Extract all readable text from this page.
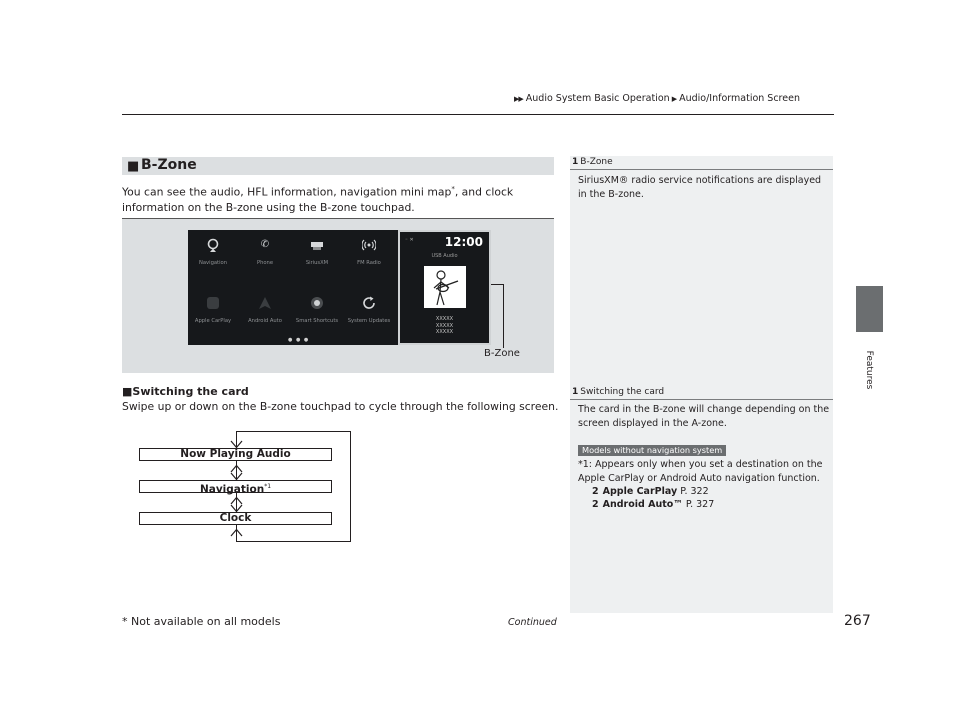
▶▶ Audio System Basic Operation ▶ Audio/Information Screen
Features
■ B-Zone
You can see the audio, HFL information, navigation mini map*, and clock
information on the B-zone using the B-zone touchpad.
Navigation
✆
Phone	SiriusXM	FM Radio
Apple CarPlay	Android Auto	Smart Shortcuts	System Updates
● ● ●
◦ ✕	12:00
USB Audio
XXXXX
XXXXX
XXXXX
B-Zone
■Switching the card
Swipe up or down on the B-zone touchpad to cycle through the following screen.
Now Playing Audio
Navigation$^{*1}$
Clock
1 B-Zone
SiriusXM® radio service notifications are displayed in the B-zone.
1 Switching the card
The card in the B-zone will change depending on the screen displayed in the A-zone.
Models without navigation system
*1: Appears only when you set a destination on the Apple CarPlay or Android Auto navigation function.
2 Apple CarPlay P. 322
2 Android Auto™ P. 327
* Not available on all models	Continued	267
